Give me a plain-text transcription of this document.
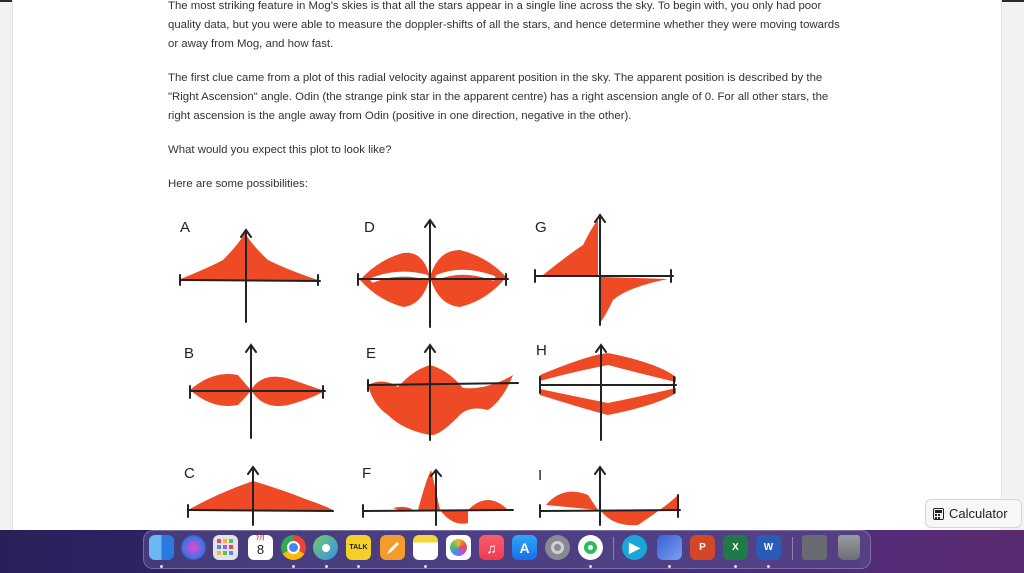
The most striking feature in Mog's skies is that all the stars appear in a single line across the sky. To begin with, you only had poor quality data, but you were able to measure the doppler-shifts of all the stars, and hence determine whether they were moving towards or away from Mog, and how fast.

The first clue came from a plot of this radial velocity against apparent position in the sky. The apparent position is described by the "Right Ascension" angle. Odin (the strange pink star in the apparent centre) has a right ascension angle of 0. For all other stars, the right ascension is the angle away from Odin (positive in one direction, negative in the other).

What would you expect this plot to look like?

Here are some possibilities:

A
B
C
D
E
F
G
H
I
Calculator
7月
8	TALK	♫	A	▶	P	X	W
